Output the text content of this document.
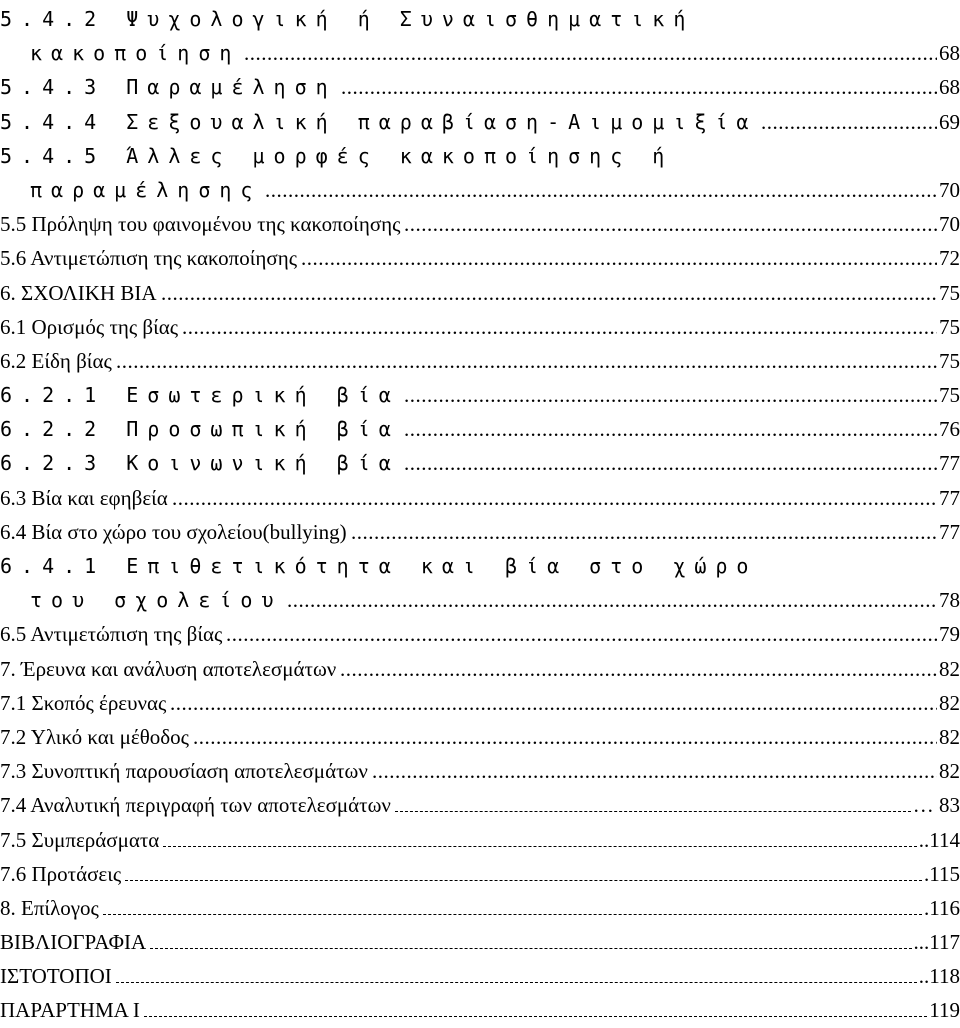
5.4.2 Ψυχολογική ή Συναισθηματική
κακοποίηση	68
.....
5.4.3 Παραμέληση	68
.....
5.4.4 Σεξουαλική παραβίαση-Αιμομιξία	69
.....
5.4.5 Άλλες μορφές κακοποίησης ή
παραμέλησης	70
.....
5.5 Πρόληψη του φαινομένου της κακοποίησης	70
.....
5.6 Αντιμετώπιση της κακοποίησης	72
.....
6. ΣΧΟΛΙΚΗ ΒΙΑ	75
.....
6.1 Ορισμός της βίας	75
.....
6.2 Είδη βίας	75
.....
6.2.1 Εσωτερική βία	75
.....
6.2.2 Προσωπική βία	76
.....
6.2.3 Κοινωνική βία	77
.....
6.3 Βία και εφηβεία	77
.....
6.4 Βία στο χώρο του σχολείου(bullying)	77
.....
6.4.1 Επιθετικότητα και βία στο χώρο
του σχολείου	78
.....
6.5 Αντιμετώπιση της βίας	79
.....
7. Έρευνα και ανάλυση αποτελεσμάτων	82
.....
7.1 Σκοπός έρευνας	82
.....
7.2 Υλικό και μέθοδος	82
.....
7.3 Συνοπτική παρουσίαση αποτελεσμάτων	82
.....
7.4 Αναλυτική περιγραφή των αποτελεσμάτων	… 83
7.5 Συμπεράσματα	..114
7.6 Προτάσεις	.115
8. Επίλογος	.116
ΒΙΒΛΙΟΓΡΑΦΙΑ	...117
ΙΣΤΟΤΟΠΟΙ	..118
ΠΑΡΑΡΤΗΜΑ Ι	119
